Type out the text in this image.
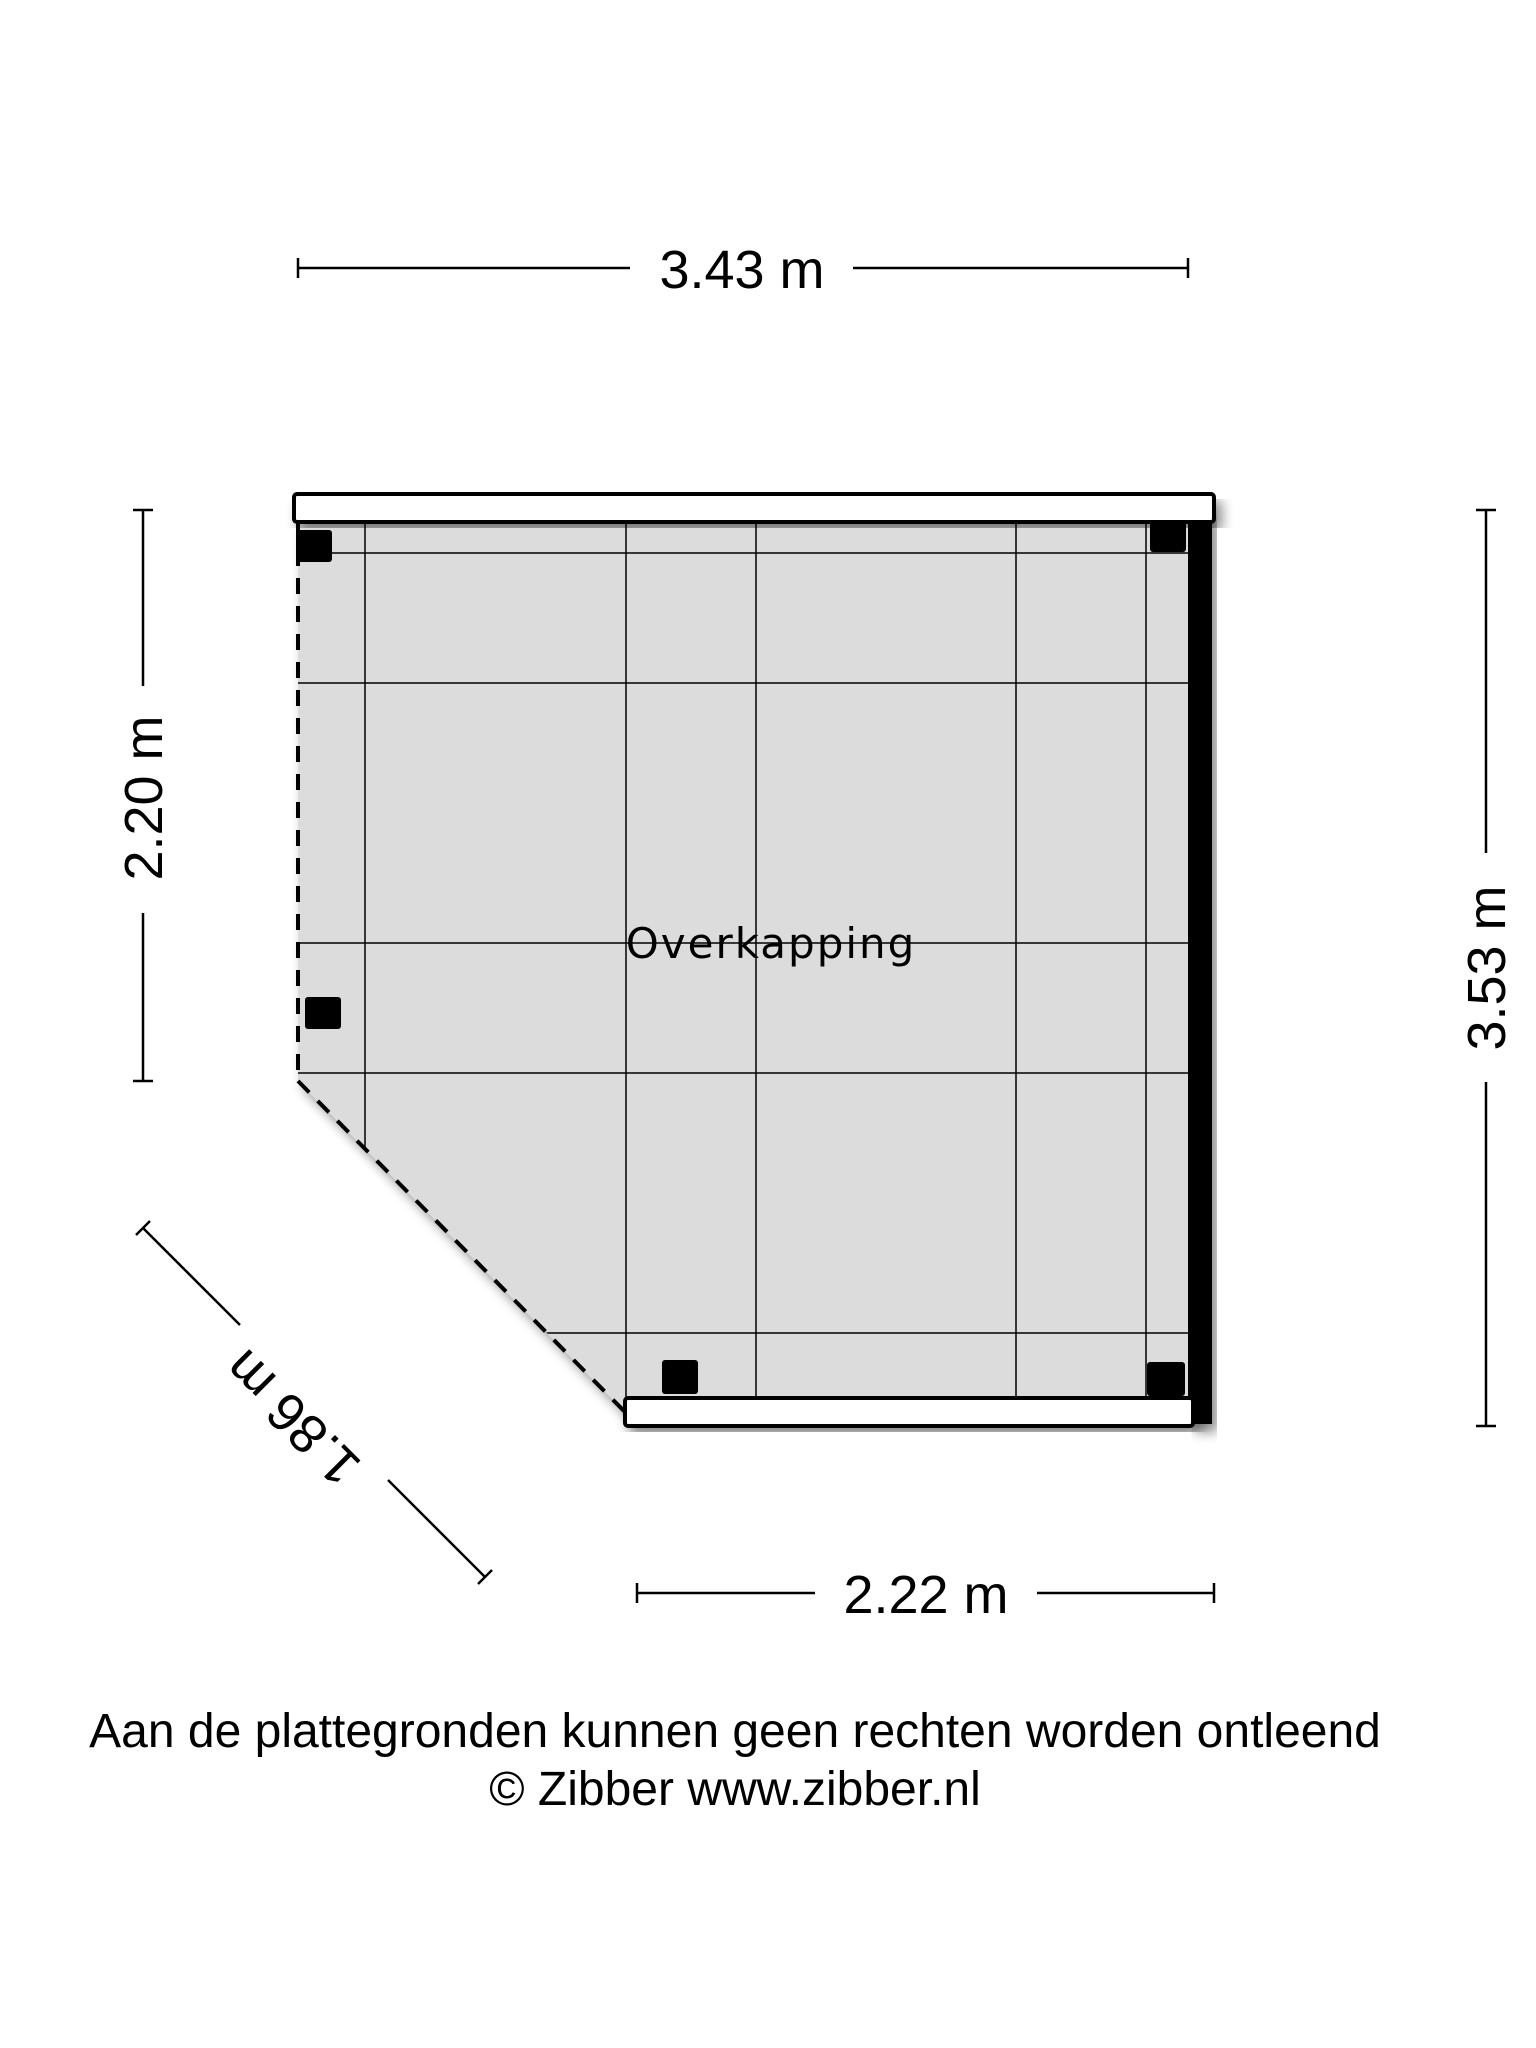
Overkapping
3.43 m
2.22 m
2.20 m
3.53 m
1.86 m
Aan de plattegronden kunnen geen rechten worden ontleend
© Zibber www.zibber.nl
